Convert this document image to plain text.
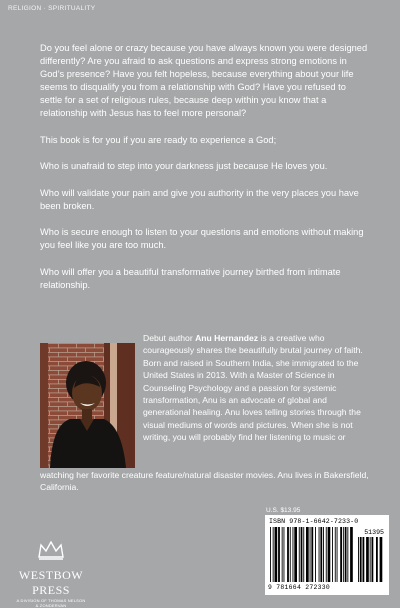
RELIGION · SPIRITUALITY

Do you feel alone or crazy because you have always known you were designed differently? Are you afraid to ask questions and express strong emotions in God’s presence? Have you felt hopeless, because everything about your life seems to disqualify you from a relationship with God? Have you refused to settle for a set of religious rules, because deep within you know that a relationship with Jesus has to feel more personal?

This book is for you if you are ready to experience a God;

Who is unafraid to step into your darkness just because He loves you.

Who will validate your pain and give you authority in the very places you have been broken.

Who is secure enough to listen to your questions and emotions without making you feel like you are too much.

Who will offer you a beautiful transformative journey birthed from intimate relationship.

Debut author Anu Hernandez is a creative who courageously shares the beautifully brutal journey of faith. Born and raised in Southern India, she immigrated to the United States in 2013. With a Master of Science in Counseling Psychology and a passion for systemic transformation, Anu is an advocate of global and generational healing. Anu loves telling stories through the visual mediums of words and pictures. When she is not writing, you will probably find her listening to music or
watching her favorite creature feature/natural disaster movies. Anu lives in Bakersfield, California.
WESTBOW PRESS
A DIVISION OF THOMAS NELSON
& ZONDERVAN
U.S. $13.95
ISBN 978-1-6642-7233-0
51395
9 781664 272330
